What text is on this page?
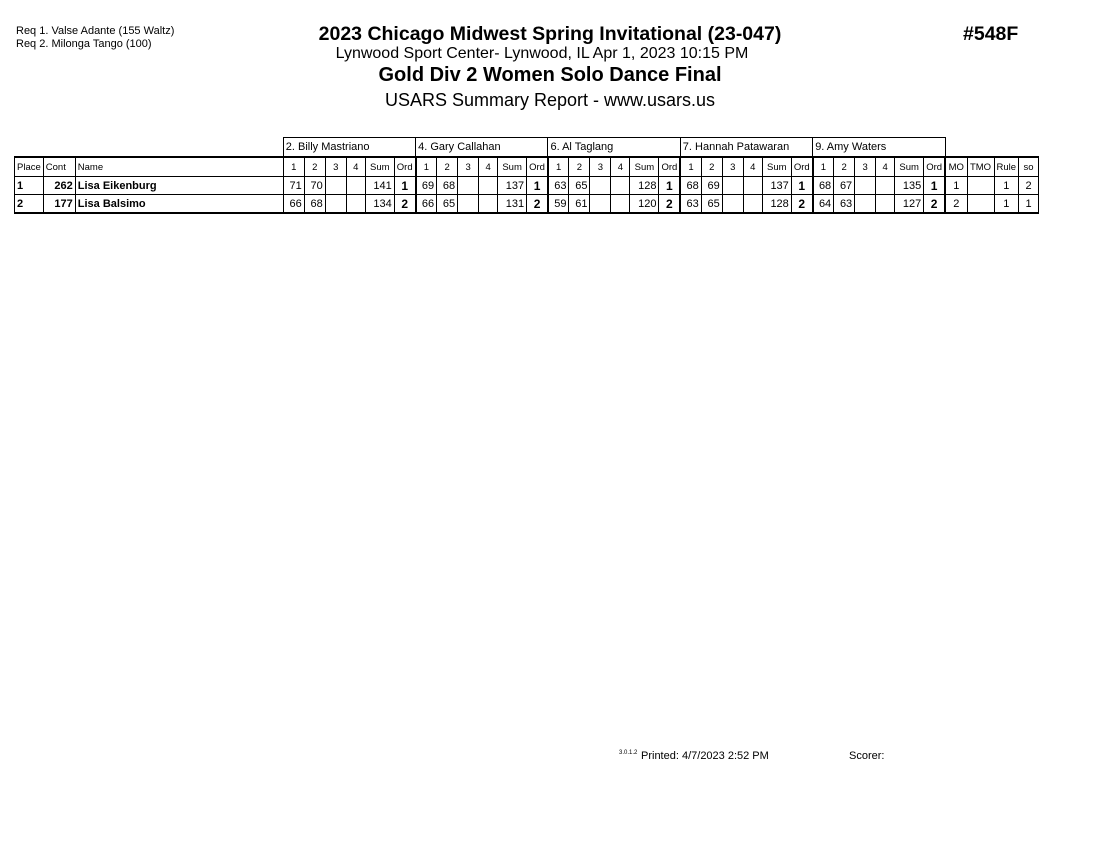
Req 1. Valse Adante (155 Waltz)
Req 2. Milonga Tango (100)	2023 Chicago Midwest Spring Invitational (23-047)
Lynwood Sport Center- Lynwood, IL Apr 1, 2023 10:15 PM
Gold Div 2 Women Solo Dance Final
USARS Summary Report - www.usars.us
#548F
			2. Billy Mastriano						4. Gary Callahan						6. Al Taglang						7. Hannah Patawaran						9. Amy Waters									
Place	Cont	Name	1	2	3	4	Sum	Ord	1	2	3	4	Sum	Ord	1	2	3	4	Sum	Ord	1	2	3	4	Sum	Ord	1	2	3	4	Sum	Ord	MO	TMO	Rule	so
1	262	Lisa Eikenburg	71	70			141	1	69	68			137	1	63	65			128	1	68	69			137	1	68	67			135	1	1		1	2
2	177	Lisa Balsimo	66	68			134	2	66	65			131	2	59	61			120	2	63	65			128	2	64	63			127	2	2		1	1
3.0.1.2 Printed: 4/7/2023 2:52 PM	Scorer:
